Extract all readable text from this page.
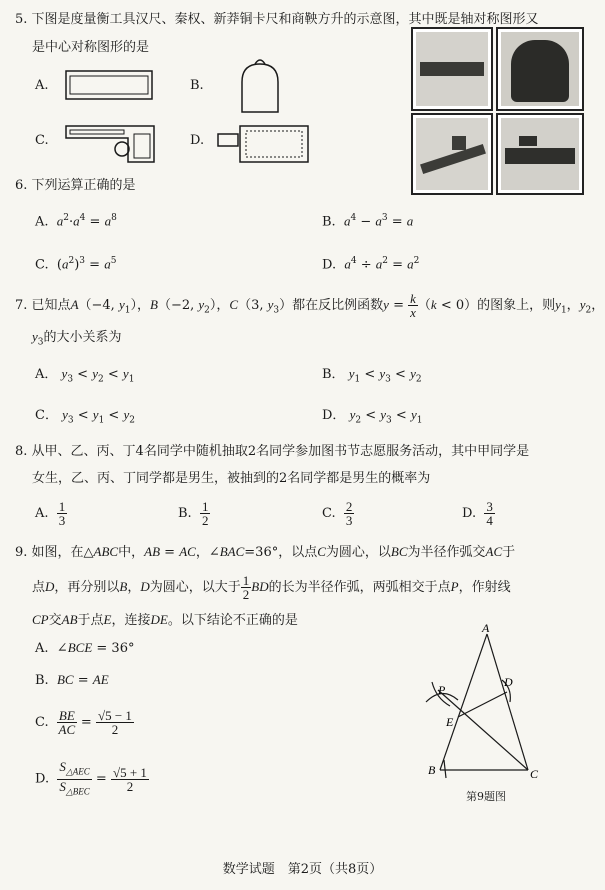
5. 下图是度量衡工具汉尺、秦权、新莽铜卡尺和商鞅方升的示意图，其中既是轴对称图形又
是中心对称图形的是
A.	B.
C.	D.
6. 下列运算正确的是
A. $a^2\cdot a^4 = a^8$	B. $a^4 - a^3 = a$
C.  $(a^2)^3 = a^5$	D. $a^4 \div a^2 = a^2$
7. 已知点A（−4, $y_1$），B（−2, $y_2$），C（3, $y_3$）都在反比例函数$y = \frac{k}{x} (k < 0)$的图象上，则$y_1$，$y_2$，
$y_3$的大小关系为
A． $y_3 < y_2 < y_1$	B． $y_1 < y_3 < y_2$
C． $y_3 < y_1 < y_2$	D． $y_2 < y_3 < y_1$
8. 从甲、乙、丙、丁4名同学中随机抽取2名同学参加图书节志愿服务活动，其中甲同学是
女生，乙、丙、丁同学都是男生，被抽到的2名同学都是男生的概率为
A. $\frac{1}{3}$	B. $\frac{1}{2}$	C. $\frac{2}{3}$	D. $\frac{3}{4}$
9. 如图，在△ABC中，AB = AC，∠BAC=36°，以点C为圆心，以BC为半径作弧交AC于
点D，再分别以B，D为圆心，以大于 $\frac{1}{2}$ BD的长为半径作弧，两弧相交于点P，作射线
CP交AB于点E，连接DE。以下结论不正确的是
A.  ∠BCE = 36°
B. BC = AE
C. $\frac{BE}{AC} = \frac{√5 - 1}{2}$
D. $\frac{S_{\triangle AEC}}{S_{\triangle BEC}} = \frac{√5 + 1}{2}$
A
P
D
E
B	C
第9题图
数学试题　第2页（共8页）
